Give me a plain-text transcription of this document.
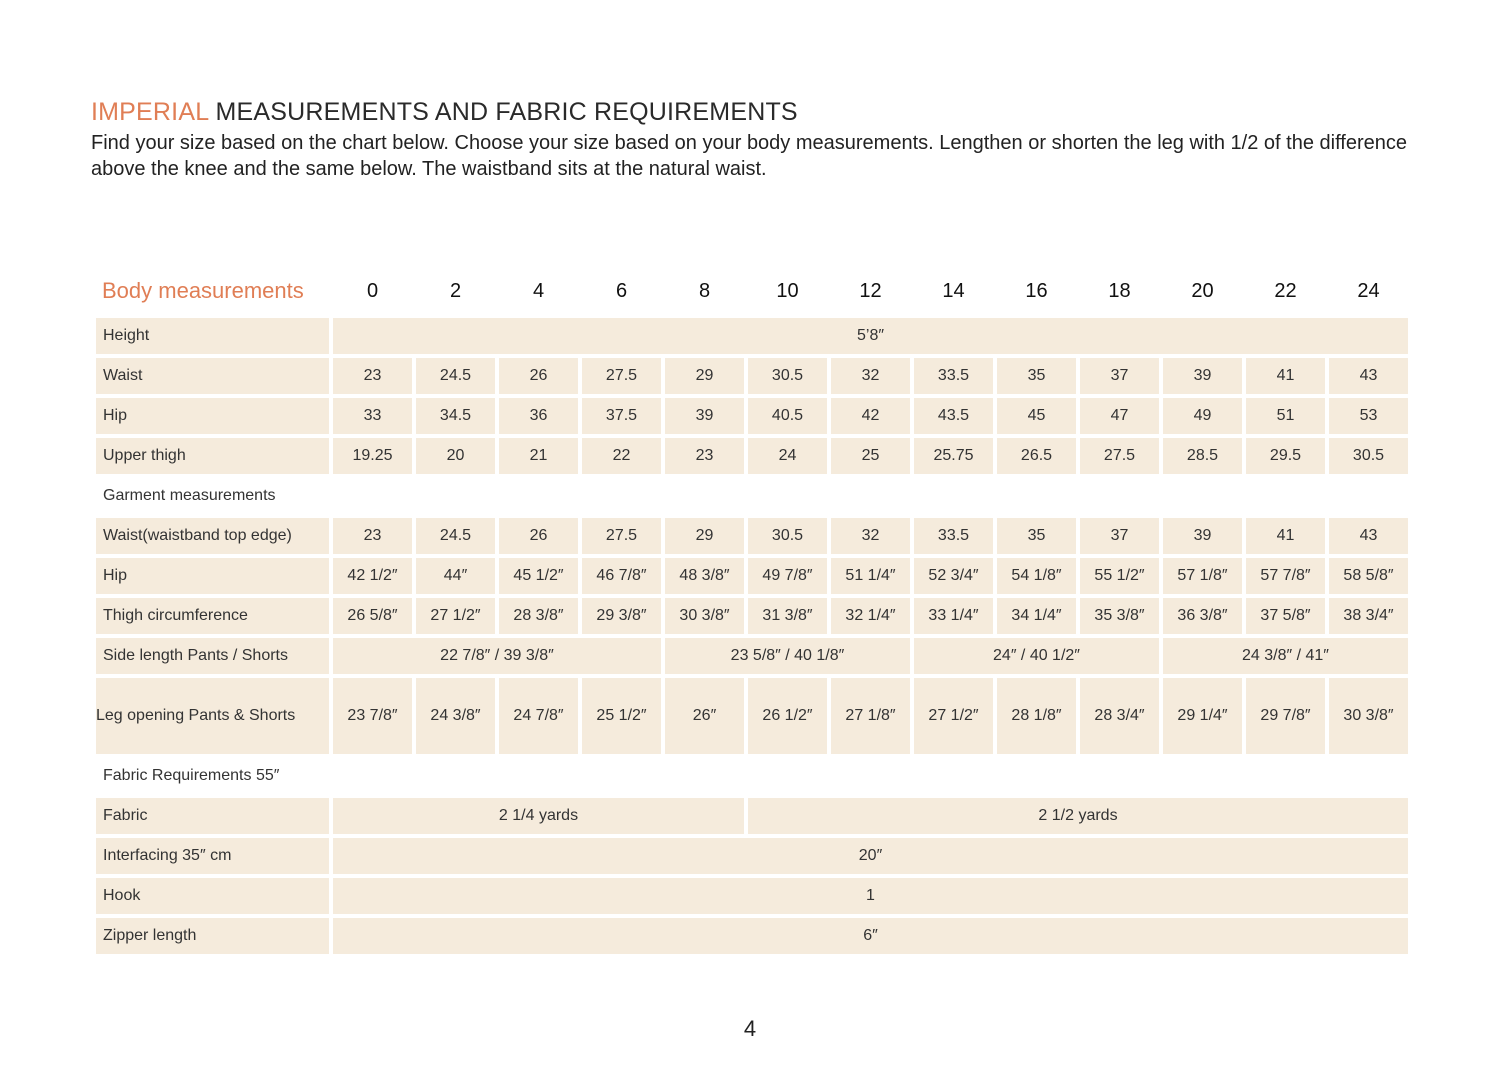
IMPERIAL MEASUREMENTS AND FABRIC REQUIREMENTS

Find your size based on the chart below. Choose your size based on your body measurements. Lengthen or shorten the leg with 1/2 of the difference above the knee and the same below. The waistband sits at the natural waist.

Body measurements	0	2	4	6	8	10	12	14	16	18	20	22	24
Height	5’8″												
Waist	23	24.5	26	27.5	29	30.5	32	33.5	35	37	39	41	43
Hip	33	34.5	36	37.5	39	40.5	42	43.5	45	47	49	51	53
Upper thigh	19.25	20	21	22	23	24	25	25.75	26.5	27.5	28.5	29.5	30.5
Garment measurements													
Waist(waistband top edge)	23	24.5	26	27.5	29	30.5	32	33.5	35	37	39	41	43
Hip	42 1/2″	44″	45 1/2″	46 7/8″	48 3/8″	49 7/8″	51 1/4″	52 3/4″	54 1/8″	55 1/2″	57 1/8″	57 7/8″	58 5/8″
Thigh circumference	26 5/8″	27 1/2″	28 3/8″	29 3/8″	30 3/8″	31 3/8″	32 1/4″	33 1/4″	34 1/4″	35 3/8″	36 3/8″	37 5/8″	38 3/4″
Side length Pants / Shorts	22 7/8″ / 39 3/8″				23 5/8″ / 40 1/8″			24″ / 40 1/2″			24 3/8″ / 41″		
Leg opening Pants & Shorts	23 7/8″	24 3/8″	24 7/8″	25 1/2″	26″	26 1/2″	27 1/8″	27 1/2″	28 1/8″	28 3/4″	29 1/4″	29 7/8″	30 3/8″
Fabric Requirements 55″													
Fabric	2 1/4 yards					2 1/2 yards							
Interfacing 35″ cm	20″												
Hook	1												
Zipper length	6″												
4
